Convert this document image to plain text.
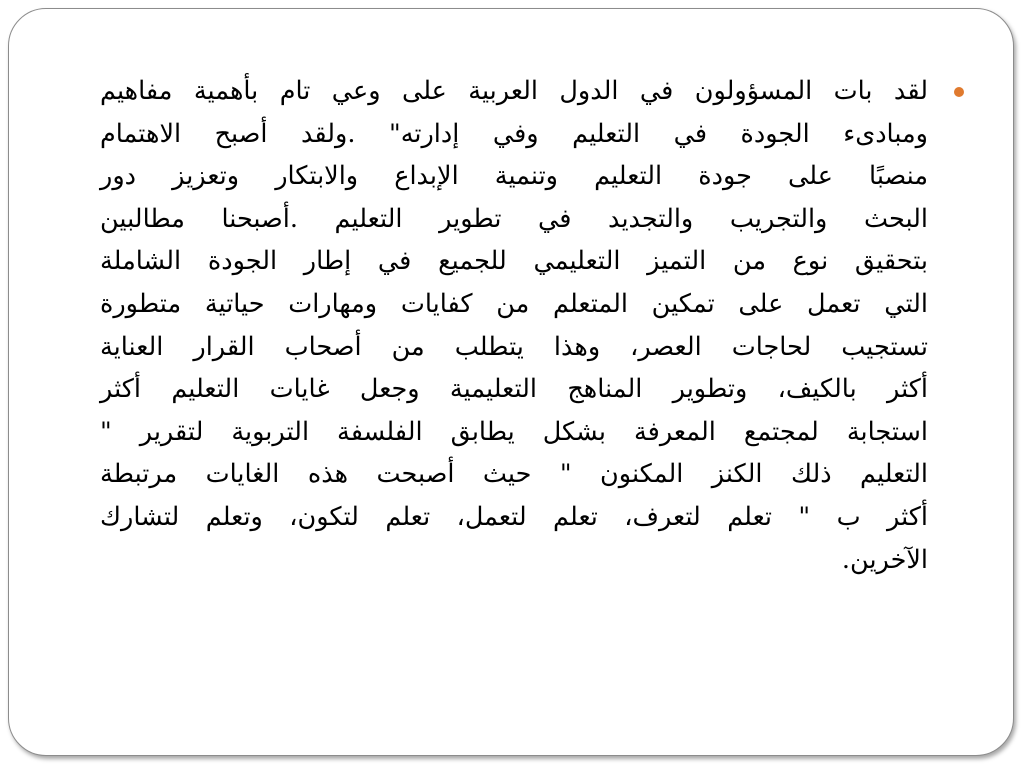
لقد بات المسؤولون في الدول العربية على وعي تام بأهمية مفاهيم
ومبادىء الجودة في التعليم وفي إدارته" .ولقد أصبح الاهتمام
منصبًا على جودة التعليم وتنمية الإبداع والابتكار وتعزيز دور
البحث والتجريب والتجديد في تطوير التعليم .أصبحنا مطالبين
بتحقيق نوع من التميز التعليمي للجميع في إطار الجودة الشاملة
التي تعمل على تمكين المتعلم من كفايات ومهارات حياتية متطورة
تستجيب لحاجات العصر، وهذا يتطلب من أصحاب القرار العناية
أكثر بالكيف، وتطوير المناهج التعليمية وجعل غايات التعليم أكثر
استجابة لمجتمع المعرفة بشكل يطابق الفلسفة التربوية لتقرير "
التعليم ذلك الكنز المكنون " حيث أصبحت هذه الغايات مرتبطة
أكثر ب " تعلم لتعرف، تعلم لتعمل، تعلم لتكون، وتعلم لتشارك
الآخرين.
